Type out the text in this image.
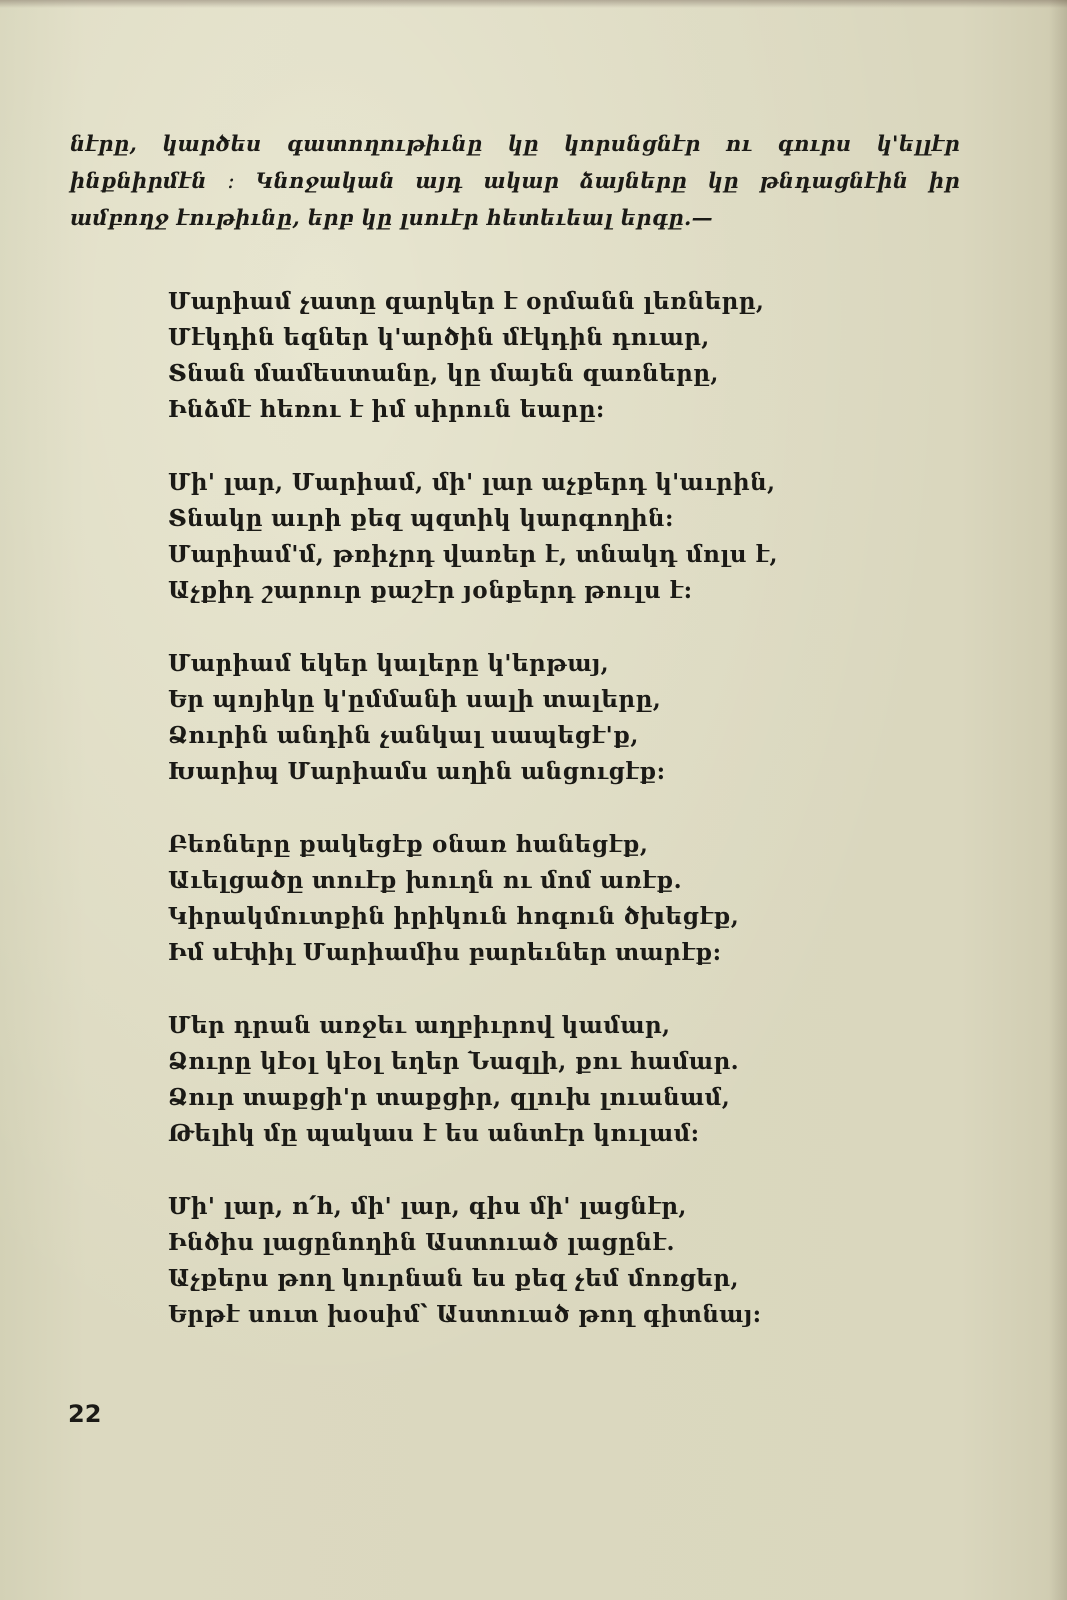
նէրը, կարծես գատողութիւնը կը կորսնցնէր ու գուրս կ'ելլէր ինքնիրմէն ։ Կնոջական այդ ակար ձայները կը թնդացնէին իր ամբողջ էութիւնը, երբ կը լսուէր հետեւեալ երգը.—

Մարիամ չատը զարկեր է օրմանն լեռները,
Մէկդին եզներ կ'արծին մէկդին դուար,
Տնան մամեստանը, կը մայեն զառները,
Ինձմէ հեռու է իմ սիրուն եարը:
Մի' լար, Մարիամ, մի' լար աչքերդ կ'աւրին,
Տնակը աւրի քեզ պզտիկ կարգողին:
Մարիամ'մ, թռիչրդ վառեր է, տնակդ մոլս է,
Աչքիդ շարուր քաշէր յօնքերդ թուլս է:
Մարիամ եկեր կալերը կ'երթայ,
Եր պոյիկը կ'ըմմանի սալի տալերը,
Ձուրին անդին չանկալ սապեցէ'ք,
Խարիպ Մարիամս աղին անցուցէք:
Բեռները քակեցէք օնառ հանեցէք,
Աւելցածը տուէք խուղն ու մոմ առէք.
Կիրակմուտքին իրիկուն հոգուն ծխեցէք,
Իմ սէփիլ Մարիամիս բարեւներ տարէք:
Մեր դրան առջեւ աղբիւրով կամար,
Ձուրը կէօլ կէօլ եղեր Նազլի, քու համար.
Ձուր տաքցի'ր տաքցիր, զլուխ լուանամ,
Թելիկ մը պակաս է ես անտէր կուլամ:
Մի' լար, ո՛հ, մի' լար, գիս մի' լացնէր,
Ինծիս լացընողին Աստուած լացընէ.
Աչքերս թող կուրնան ես քեզ չեմ մոռցեր,
Երթէ սուտ խօսիմ՝ Աստուած թող գիտնայ:
22
